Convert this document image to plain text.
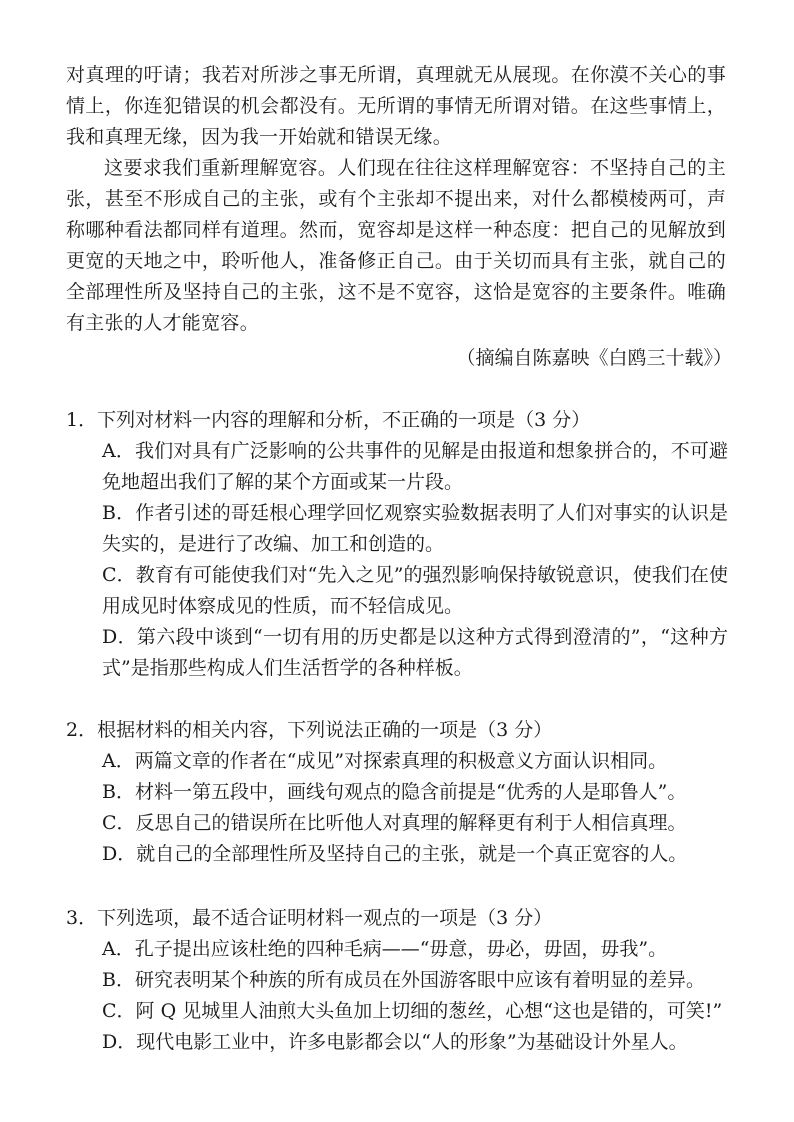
对真理的吁请；我若对所涉之事无所谓，真理就无从展现。在你漠不关心的事情上，你连犯错误的机会都没有。无所谓的事情无所谓对错。在这些事情上，我和真理无缘，因为我一开始就和错误无缘。
这要求我们重新理解宽容。人们现在往往这样理解宽容：不坚持自己的主张，甚至不形成自己的主张，或有个主张却不提出来，对什么都模棱两可，声称哪种看法都同样有道理。然而，宽容却是这样一种态度：把自己的见解放到更宽的天地之中，聆听他人，准备修正自己。由于关切而具有主张，就自己的全部理性所及坚持自己的主张，这不是不宽容，这恰是宽容的主要条件。唯确有主张的人才能宽容。
（摘编自陈嘉映《白鸥三十载》）
1．下列对材料一内容的理解和分析，不正确的一项是（3 分）
A．我们对具有广泛影响的公共事件的见解是由报道和想象拼合的，不可避免地超出我们了解的某个方面或某一片段。
B．作者引述的哥廷根心理学回忆观察实验数据表明了人们对事实的认识是失实的，是进行了改编、加工和创造的。
C．教育有可能使我们对“先入之见”的强烈影响保持敏锐意识，使我们在使用成见时体察成见的性质，而不轻信成见。
D．第六段中谈到“一切有用的历史都是以这种方式得到澄清的”，“这种方式”是指那些构成人们生活哲学的各种样板。
2．根据材料的相关内容，下列说法正确的一项是（3 分）
A．两篇文章的作者在“成见”对探索真理的积极意义方面认识相同。
B．材料一第五段中，画线句观点的隐含前提是“优秀的人是耶鲁人”。
C．反思自己的错误所在比听他人对真理的解释更有利于人相信真理。
D．就自己的全部理性所及坚持自己的主张，就是一个真正宽容的人。
3．下列选项，最不适合证明材料一观点的一项是（3 分）
A．孔子提出应该杜绝的四种毛病——“毋意，毋必，毋固，毋我”。
B．研究表明某个种族的所有成员在外国游客眼中应该有着明显的差异。
C．阿 Q 见城里人油煎大头鱼加上切细的葱丝，心想“这也是错的，可笑!”
D．现代电影工业中，许多电影都会以“人的形象”为基础设计外星人。
